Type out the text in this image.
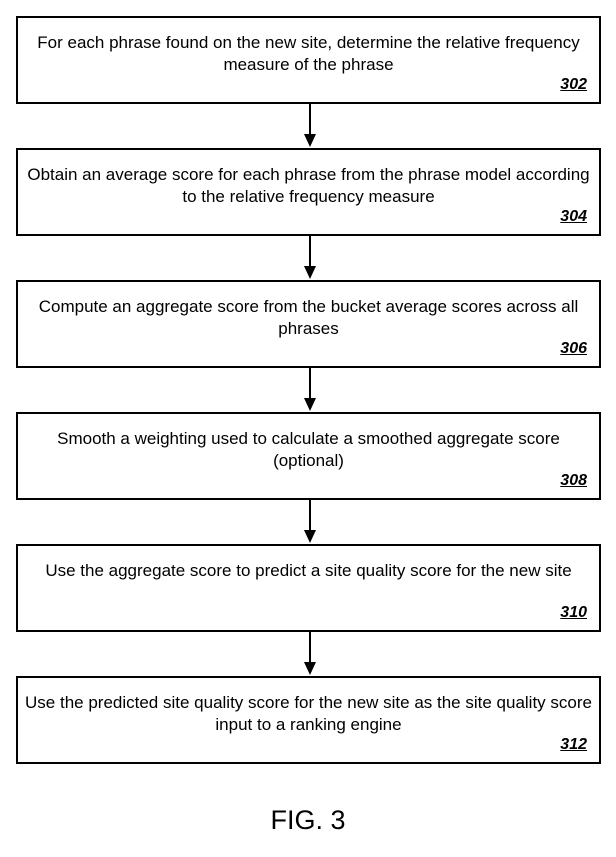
For each phrase found on the new site, determine the relative frequency measure of the phrase
302
Obtain an average score for each phrase from the phrase model according to the relative frequency measure
304
Compute an aggregate score from the bucket average scores across all phrases
306
Smooth a weighting used to calculate a smoothed aggregate score (optional)
308
Use the aggregate score to predict a site quality score for the new site
310
Use the predicted site quality score for the new site as the site quality score input to a ranking engine
312
FIG. 3
